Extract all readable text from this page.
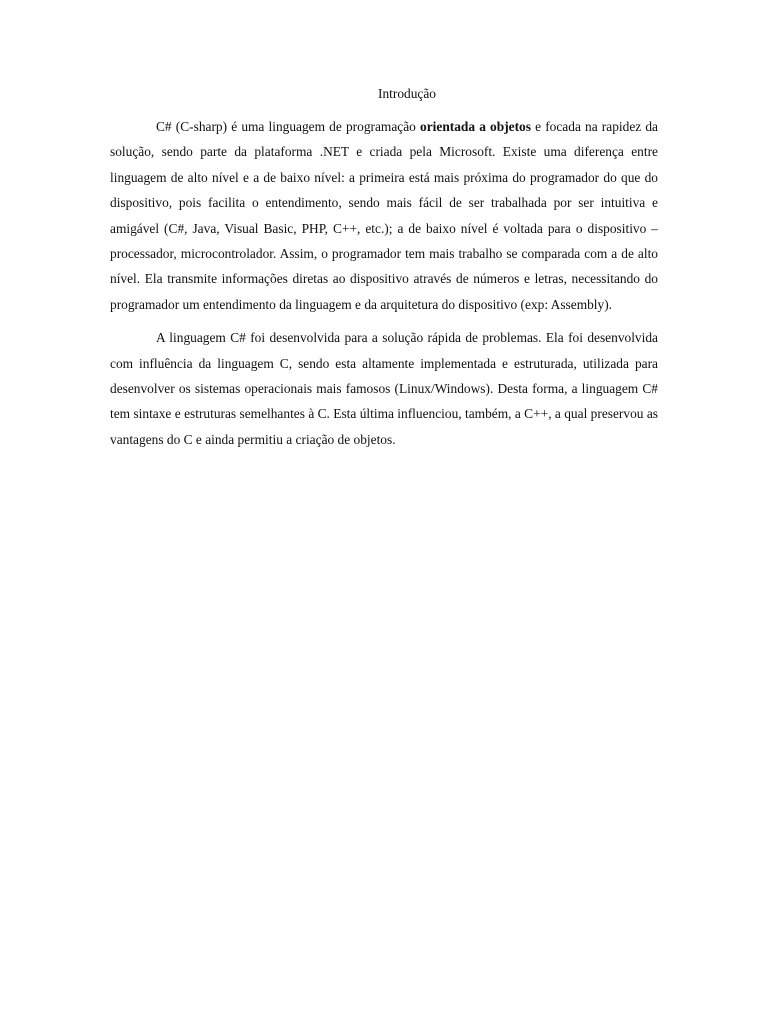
Introdução

C# (C-sharp) é uma linguagem de programação orientada a objetos e focada na rapidez da solução, sendo parte da plataforma .NET e criada pela Microsoft. Existe uma diferença entre linguagem de alto nível e a de baixo nível: a primeira está mais próxima do programador do que do dispositivo, pois facilita o entendimento, sendo mais fácil de ser trabalhada por ser intuitiva e amigável (C#, Java, Visual Basic, PHP, C++, etc.); a de baixo nível é voltada para o dispositivo – processador, microcontrolador. Assim, o programador tem mais trabalho se comparada com a de alto nível. Ela transmite informações diretas ao dispositivo através de números e letras, necessitando do programador um entendimento da linguagem e da arquitetura do dispositivo (exp: Assembly).

A linguagem C# foi desenvolvida para a solução rápida de problemas. Ela foi desenvolvida com influência da linguagem C, sendo esta altamente implementada e estruturada, utilizada para desenvolver os sistemas operacionais mais famosos (Linux/Windows). Desta forma, a linguagem C# tem sintaxe e estruturas semelhantes à C. Esta última influenciou, também, a C++, a qual preservou as vantagens do C e ainda permitiu a criação de objetos.
